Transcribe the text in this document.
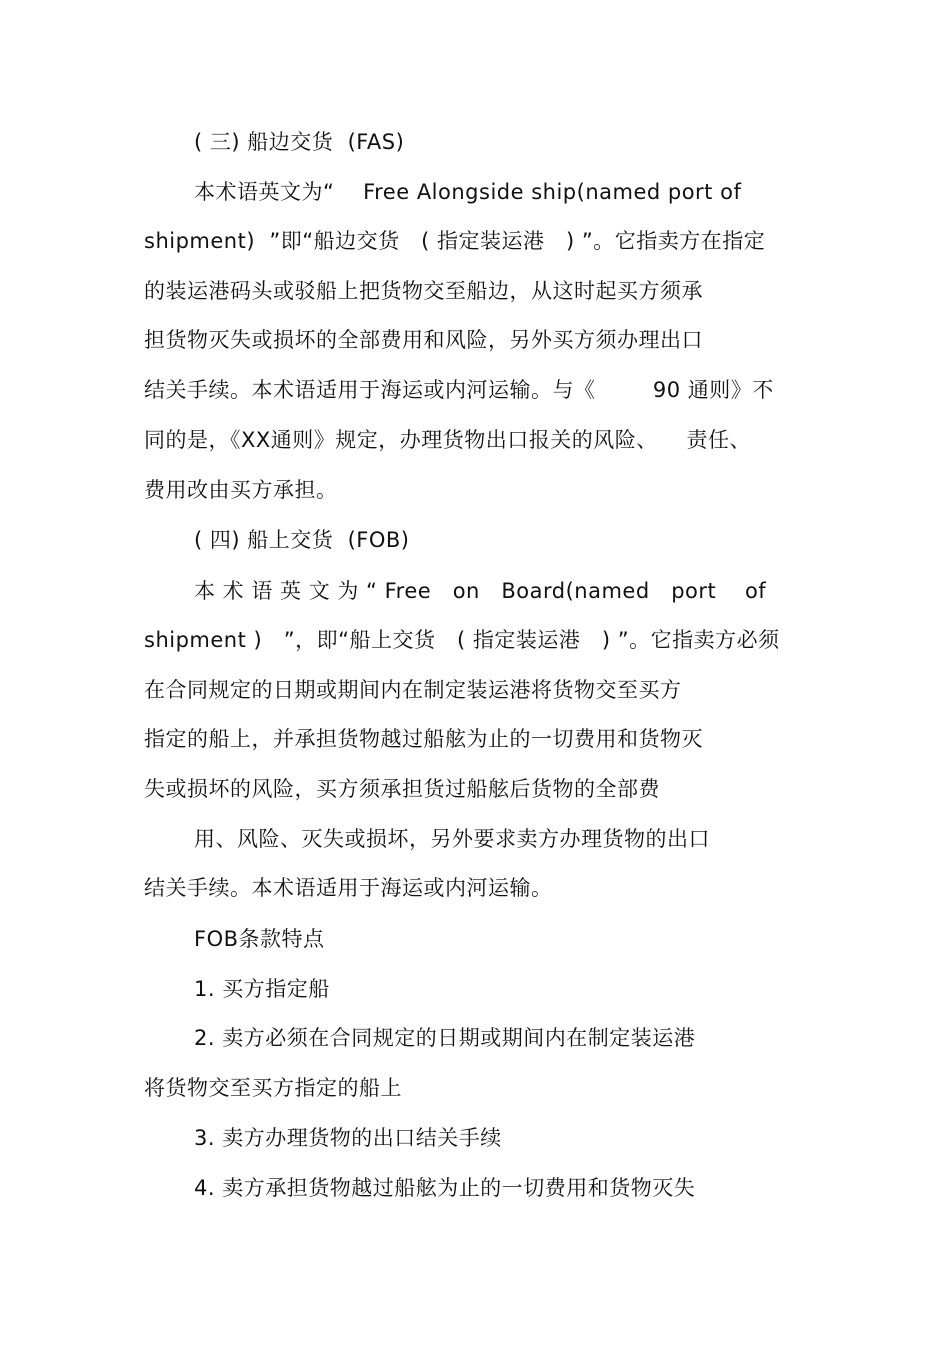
( 三) 船边交货  (FAS)
本术语英文为“    Free Alongside ship(named port of
shipment)  ”即“船边交货   ( 指定装运港   ) ”。它指卖方在指定
的装运港码头或驳船上把货物交至船边，从这时起买方须承
担货物灭失或损坏的全部费用和风险，另外买方须办理出口
结关手续。本术语适用于海运或内河运输。与《        90 通则》不
同的是，《XX通则》规定，办理货物出口报关的风险、    责任、
费用改由买方承担。
( 四) 船上交货  (FOB)
本 术 语 英 文 为 “ Free   on   Board(named   port    of
shipment )   ”，即“船上交货   ( 指定装运港   ) ”。它指卖方必须
在合同规定的日期或期间内在制定装运港将货物交至买方
指定的船上，并承担货物越过船舷为止的一切费用和货物灭
失或损坏的风险，买方须承担货过船舷后货物的全部费
用、风险、灭失或损坏，另外要求卖方办理货物的出口
结关手续。本术语适用于海运或内河运输。
FOB条款特点
1. 买方指定船
2. 卖方必须在合同规定的日期或期间内在制定装运港
将货物交至买方指定的船上
3. 卖方办理货物的出口结关手续
4. 卖方承担货物越过船舷为止的一切费用和货物灭失
